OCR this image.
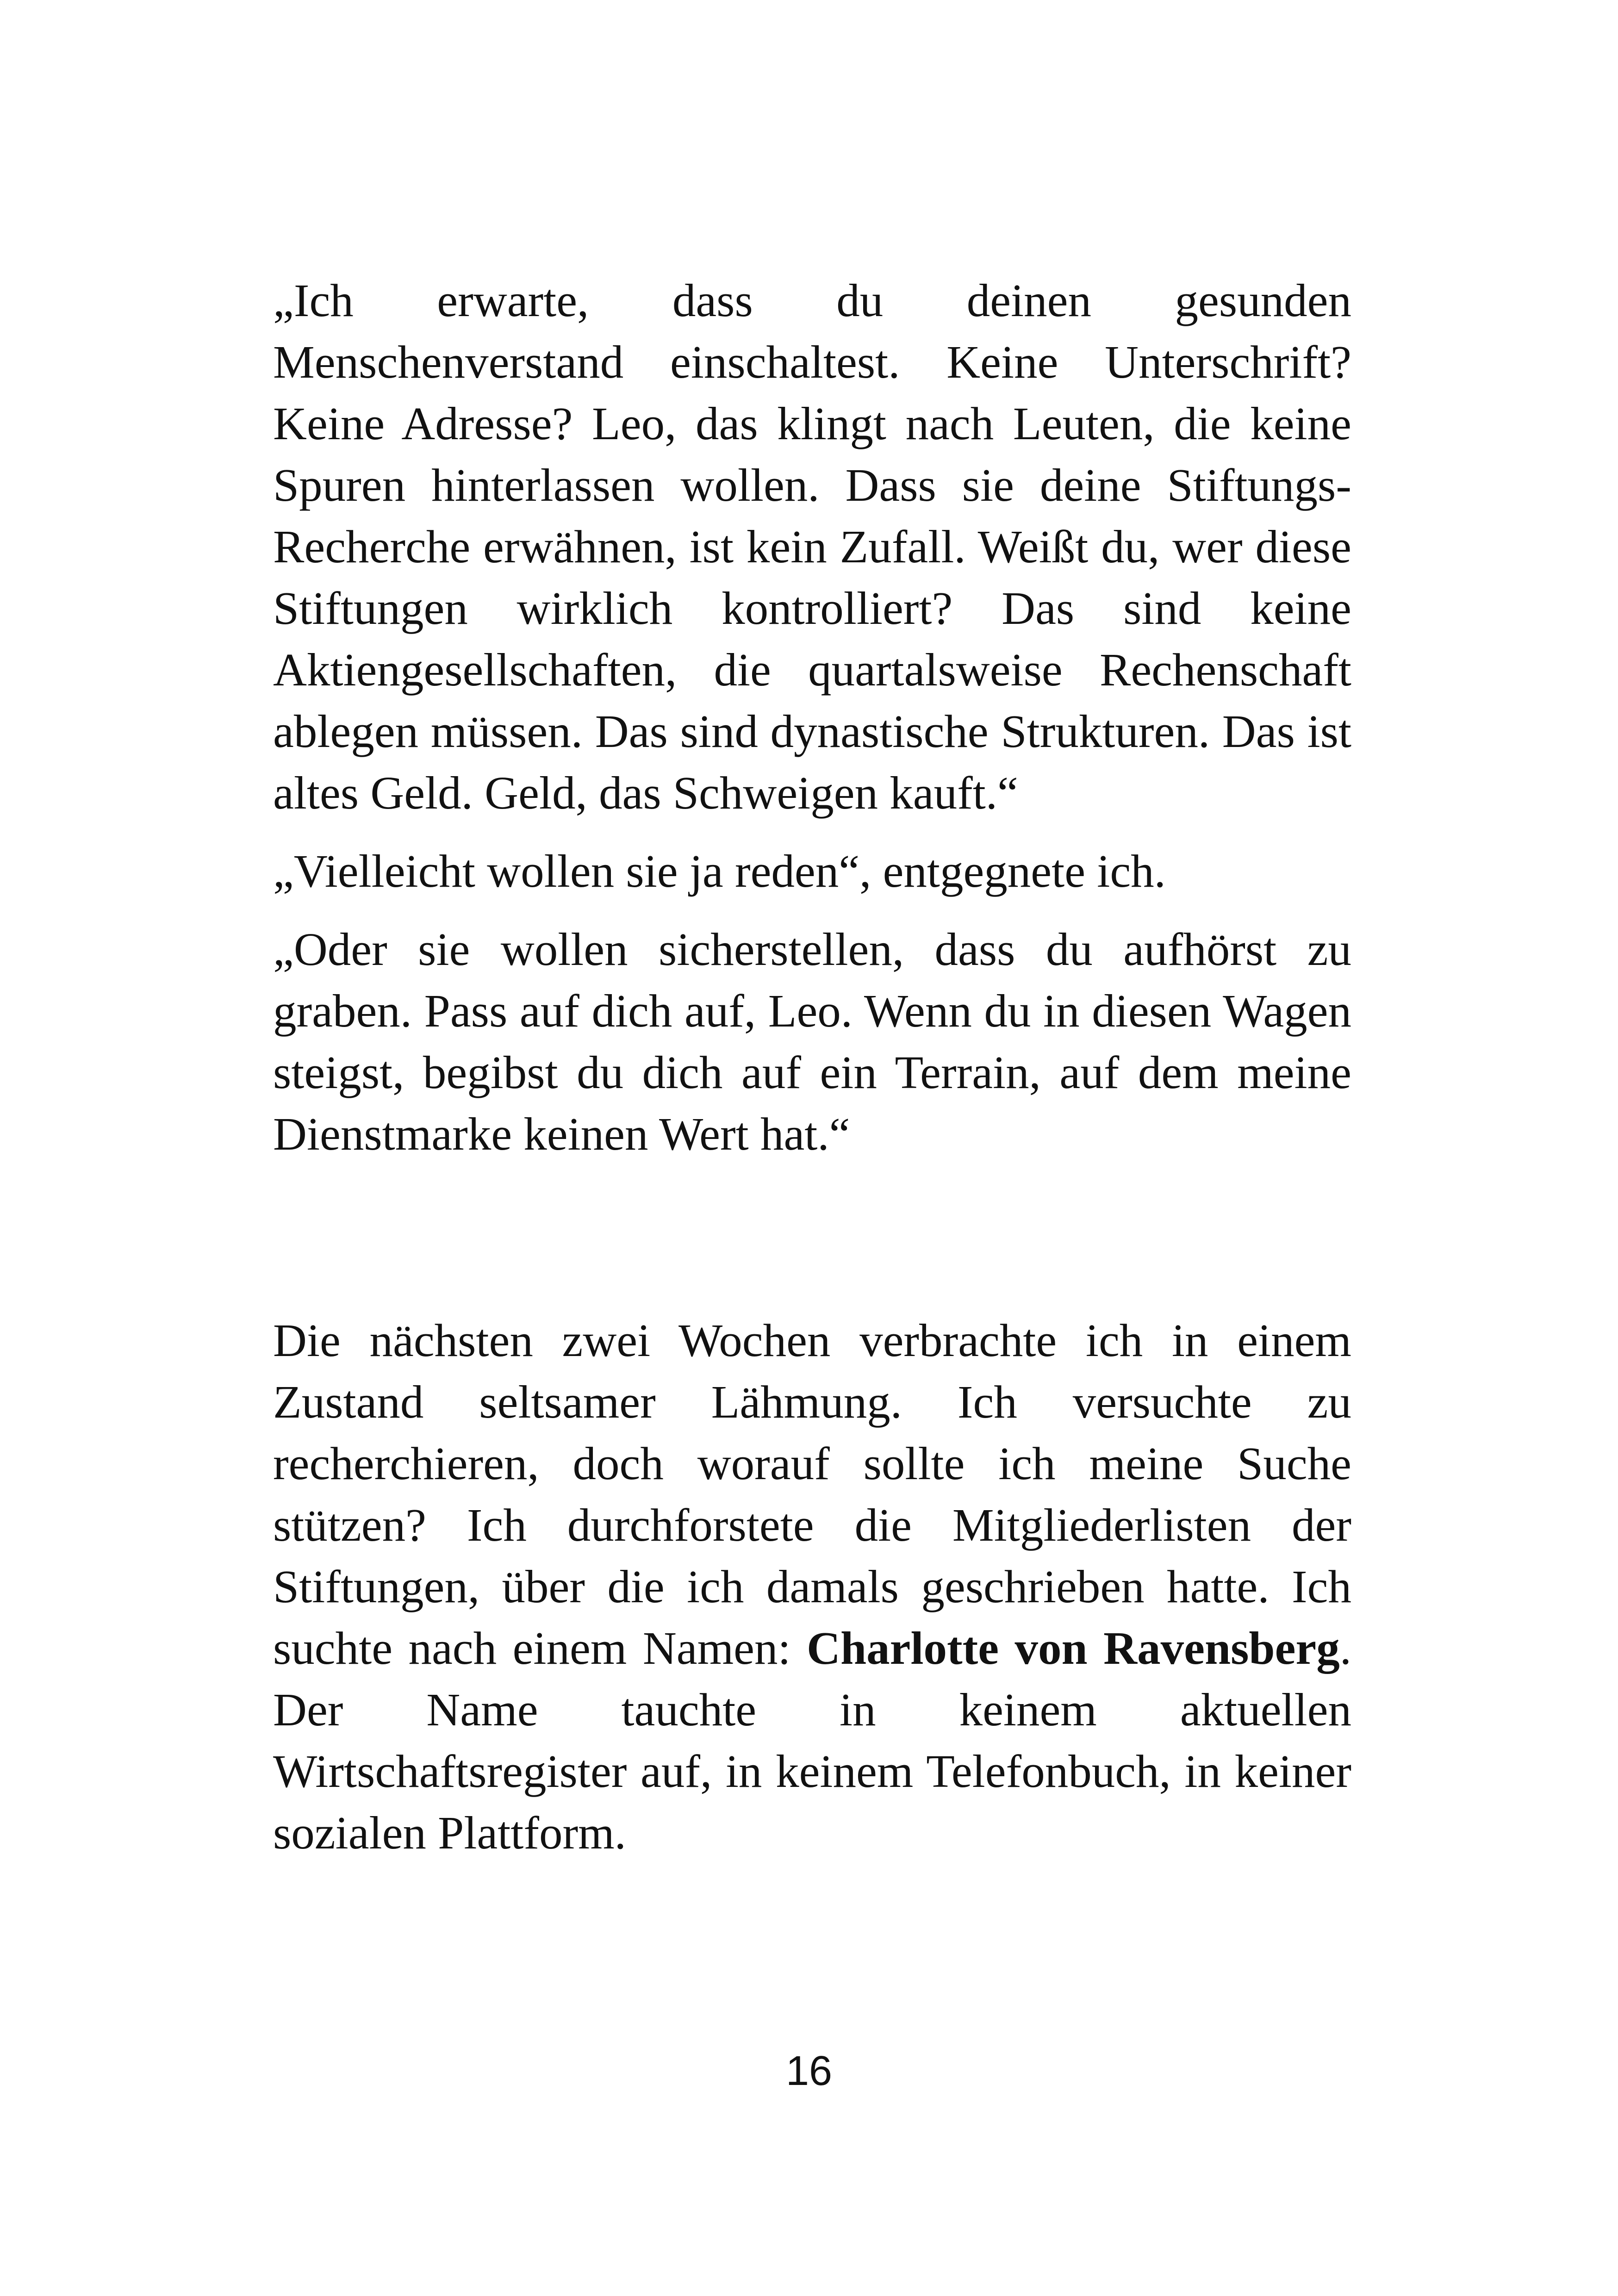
„Ich erwarte, dass du deinen gesunden Menschenverstand einschaltest. Keine Unterschrift? Keine Adresse? Leo, das klingt nach Leuten, die keine Spuren hinterlassen wollen. Dass sie deine Stiftungs-Recherche erwähnen, ist kein Zufall. Weißt du, wer diese Stiftungen wirklich kontrolliert? Das sind keine Aktiengesellschaften, die quartalsweise Rechenschaft ablegen müssen. Das sind dynastische Strukturen. Das ist altes Geld. Geld, das Schweigen kauft.“

„Vielleicht wollen sie ja reden“, entgegnete ich.

„Oder sie wollen sicherstellen, dass du aufhörst zu graben. Pass auf dich auf, Leo. Wenn du in diesen Wagen steigst, begibst du dich auf ein Terrain, auf dem meine Dienstmarke keinen Wert hat.“

Die nächsten zwei Wochen verbrachte ich in einem Zustand seltsamer Lähmung. Ich versuchte zu recherchieren, doch worauf sollte ich meine Suche stützen? Ich durchforstete die Mitgliederlisten der Stiftungen, über die ich damals geschrieben hatte. Ich suchte nach einem Namen: Charlotte von Ravensberg. Der Name tauchte in keinem aktuellen Wirtschaftsregister auf, in keinem Telefonbuch, in keiner sozialen Plattform.

16
